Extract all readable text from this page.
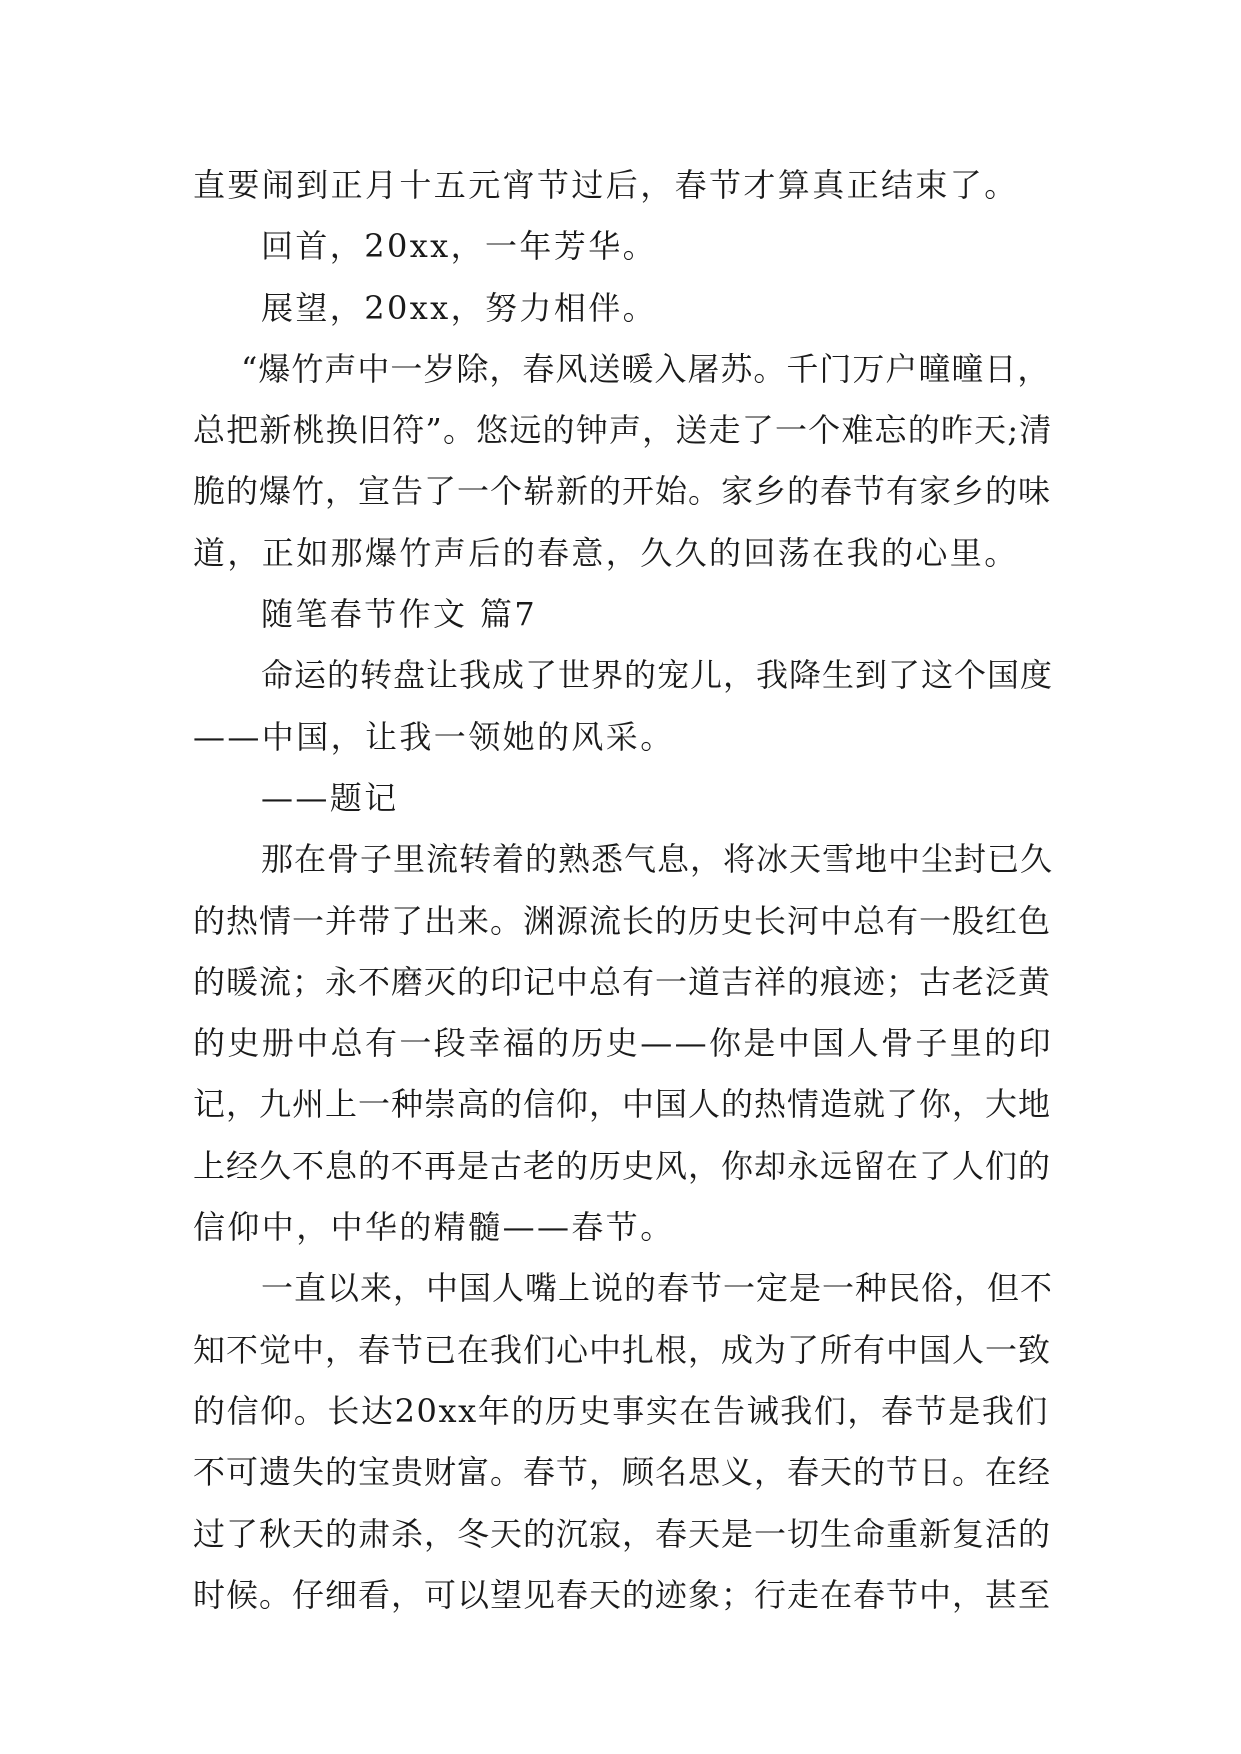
直要闹到正月十五元宵节过后，春节才算真正结束了。
回首，20xx，一年芳华。
展望，20xx，努力相伴。
“爆竹声中一岁除，春风送暖入屠苏。千门万户曈曈日，
总把新桃换旧符”。悠远的钟声，送走了一个难忘的昨天;清
脆的爆竹，宣告了一个崭新的开始。家乡的春节有家乡的味
道，正如那爆竹声后的春意，久久的回荡在我的心里。
随笔春节作文 篇7
命运的转盘让我成了世界的宠儿，我降生到了这个国度
——中国，让我一领她的风采。
——题记
那在骨子里流转着的熟悉气息，将冰天雪地中尘封已久
的热情一并带了出来。渊源流长的历史长河中总有一股红色
的暖流；永不磨灭的印记中总有一道吉祥的痕迹；古老泛黄
的史册中总有一段幸福的历史——你是中国人骨子里的印
记，九州上一种崇高的信仰，中国人的热情造就了你，大地
上经久不息的不再是古老的历史风，你却永远留在了人们的
信仰中，中华的精髓——春节。
一直以来，中国人嘴上说的春节一定是一种民俗，但不
知不觉中，春节已在我们心中扎根，成为了所有中国人一致
的信仰。长达20xx年的历史事实在告诫我们，春节是我们
不可遗失的宝贵财富。春节，顾名思义，春天的节日。在经
过了秋天的肃杀，冬天的沉寂，春天是一切生命重新复活的
时候。仔细看，可以望见春天的迹象；行走在春节中，甚至
